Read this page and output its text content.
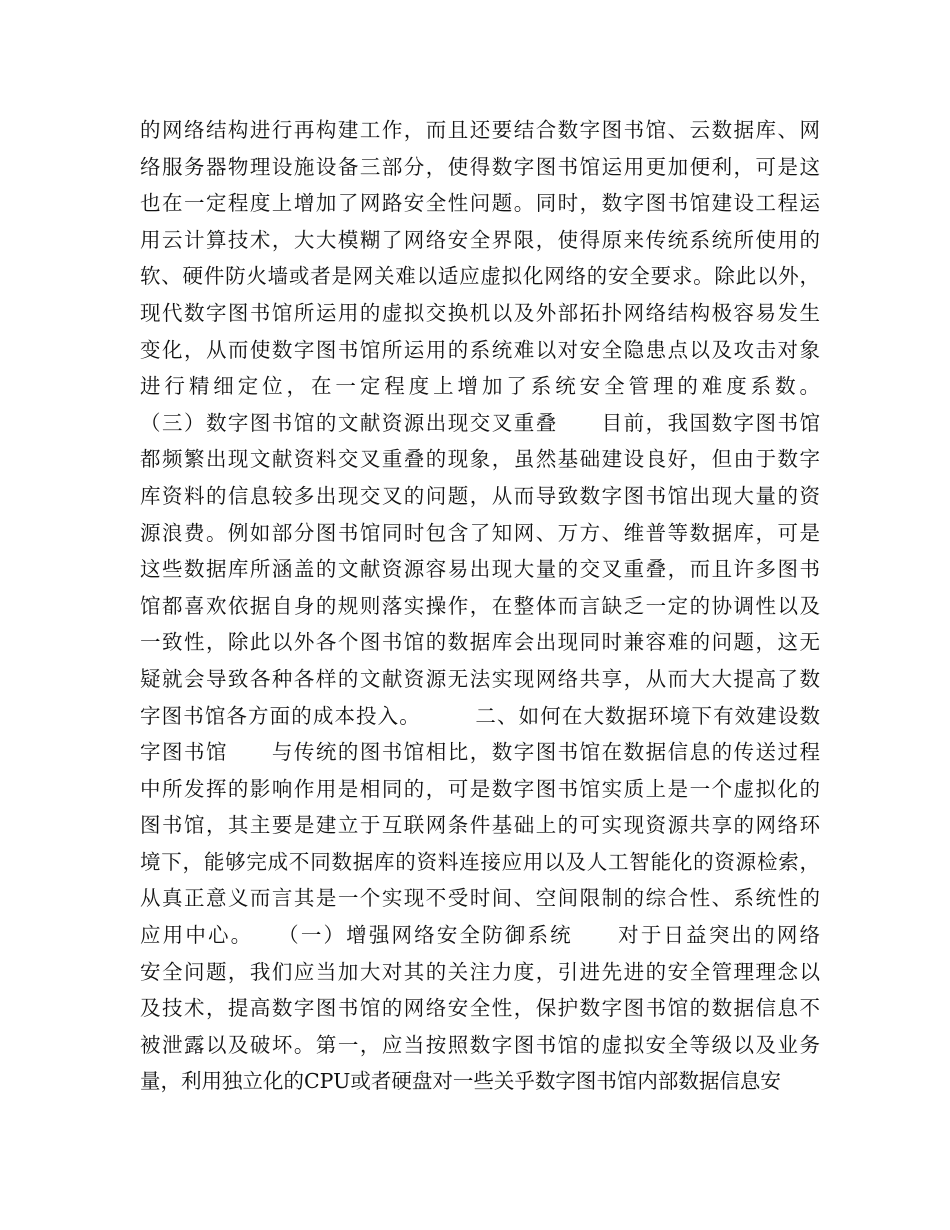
的网络结构进行再构建工作，而且还要结合数字图书馆、云数据库、网
络服务器物理设施设备三部分，使得数字图书馆运用更加便利，可是这
也在一定程度上增加了网路安全性问题。同时，数字图书馆建设工程运
用云计算技术，大大模糊了网络安全界限，使得原来传统系统所使用的
软、硬件防火墙或者是网关难以适应虚拟化网络的安全要求。除此以外，
现代数字图书馆所运用的虚拟交换机以及外部拓扑网络结构极容易发生
变化，从而使数字图书馆所运用的系统难以对安全隐患点以及攻击对象
进行精细定位，在一定程度上增加了系统安全管理的难度系数。
（三）数字图书馆的文献资源出现交叉重叠　　目前，我国数字图书馆
都频繁出现文献资料交叉重叠的现象，虽然基础建设良好，但由于数字
库资料的信息较多出现交叉的问题，从而导致数字图书馆出现大量的资
源浪费。例如部分图书馆同时包含了知网、万方、维普等数据库，可是
这些数据库所涵盖的文献资源容易出现大量的交叉重叠，而且许多图书
馆都喜欢依据自身的规则落实操作，在整体而言缺乏一定的协调性以及
一致性，除此以外各个图书馆的数据库会出现同时兼容难的问题，这无
疑就会导致各种各样的文献资源无法实现网络共享，从而大大提高了数
字图书馆各方面的成本投入。　　　二、如何在大数据环境下有效建设数
字图书馆　　与传统的图书馆相比，数字图书馆在数据信息的传送过程
中所发挥的影响作用是相同的，可是数字图书馆实质上是一个虚拟化的
图书馆，其主要是建立于互联网条件基础上的可实现资源共享的网络环
境下，能够完成不同数据库的资料连接应用以及人工智能化的资源检索，
从真正意义而言其是一个实现不受时间、空间限制的综合性、系统性的
应用中心。　　（一）增强网络安全防御系统　　对于日益突出的网络
安全问题，我们应当加大对其的关注力度，引进先进的安全管理理念以
及技术，提高数字图书馆的网络安全性，保护数字图书馆的数据信息不
被泄露以及破坏。第一，应当按照数字图书馆的虚拟安全等级以及业务
量，利用独立化的CPU或者硬盘对一些关乎数字图书馆内部数据信息安
